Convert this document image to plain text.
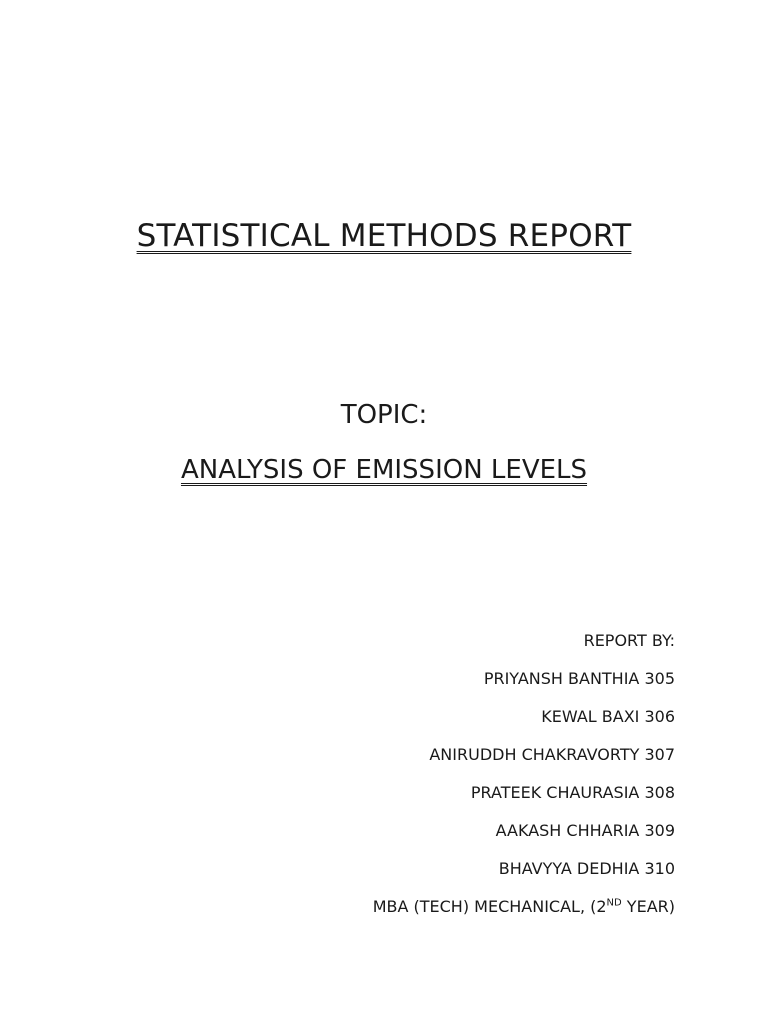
STATISTICAL METHODS REPORT

TOPIC:

ANALYSIS OF EMISSION LEVELS

REPORT BY:
PRIYANSH BANTHIA 305
KEWAL BAXI 306
ANIRUDDH CHAKRAVORTY 307
PRATEEK CHAURASIA 308
AAKASH CHHARIA 309
BHAVYYA DEDHIA 310
MBA (TECH) MECHANICAL, (2ND YEAR)
